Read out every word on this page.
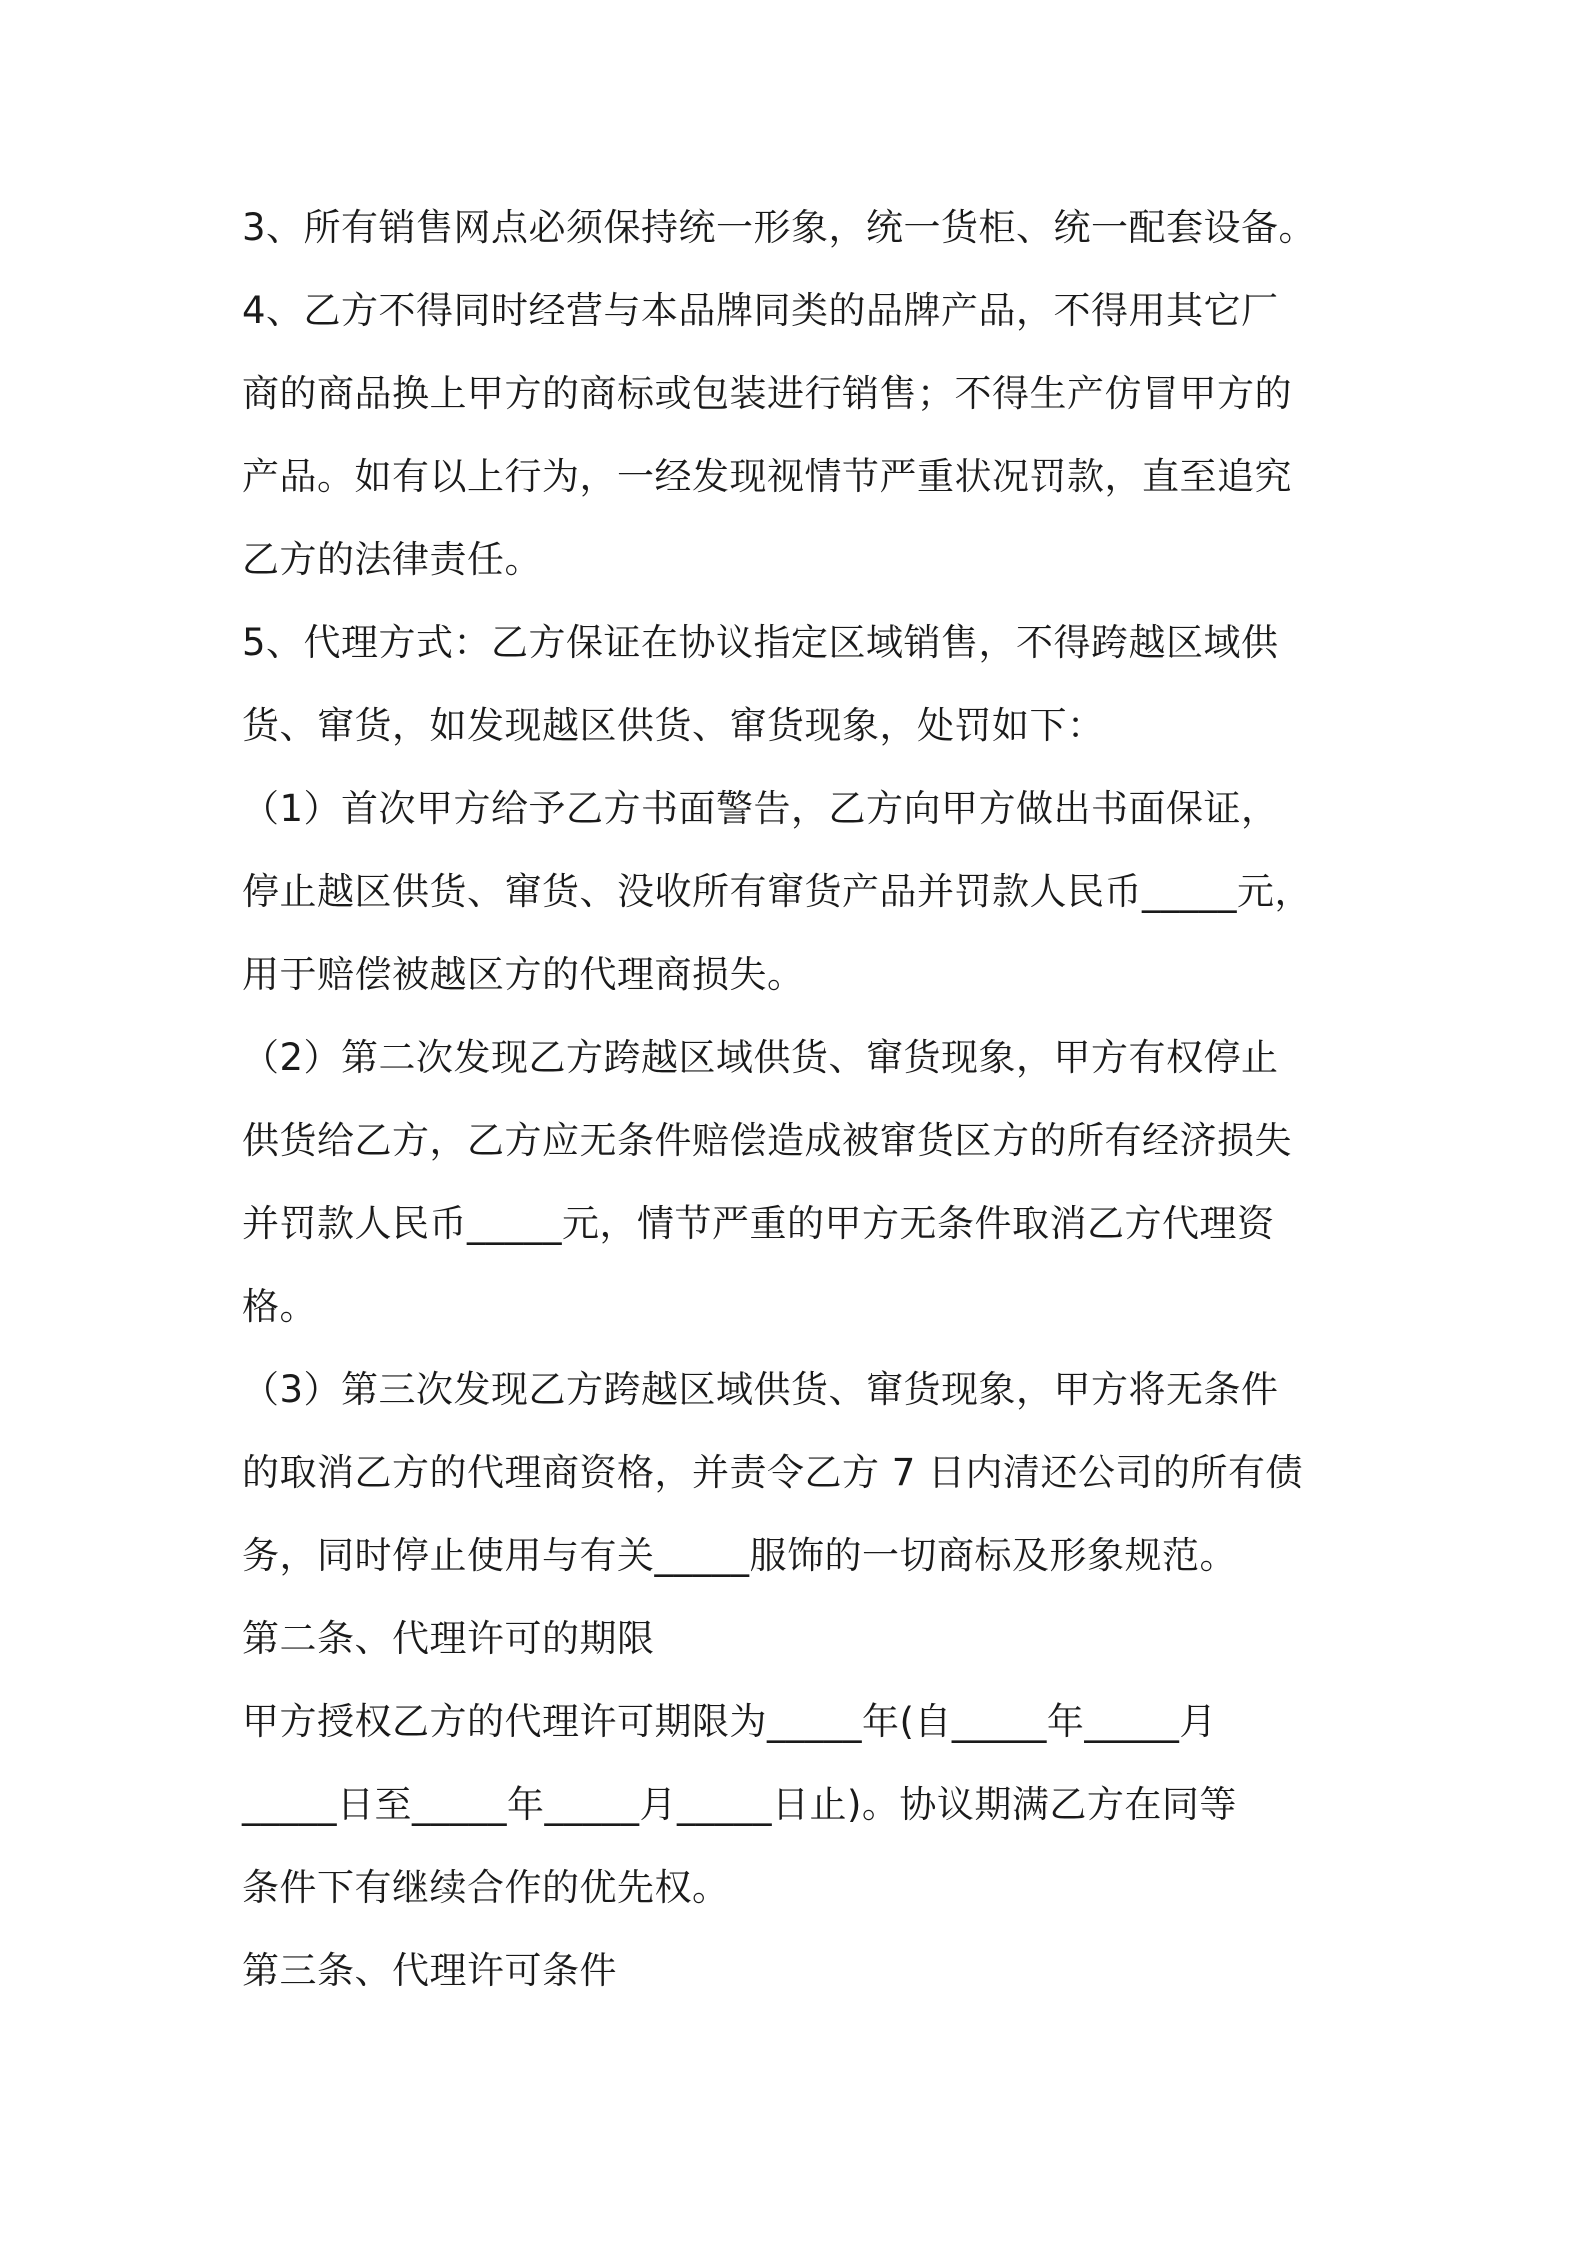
3、所有销售网点必须保持统一形象，统一货柜、统一配套设备。
4、乙方不得同时经营与本品牌同类的品牌产品，不得用其它厂
商的商品换上甲方的商标或包装进行销售；不得生产仿冒甲方的
产品。如有以上行为，一经发现视情节严重状况罚款，直至追究
乙方的法律责任。
5、代理方式：乙方保证在协议指定区域销售，不得跨越区域供
货、窜货，如发现越区供货、窜货现象，处罚如下：
（1）首次甲方给予乙方书面警告，乙方向甲方做出书面保证，
停止越区供货、窜货、没收所有窜货产品并罚款人民币_____元，
用于赔偿被越区方的代理商损失。
（2）第二次发现乙方跨越区域供货、窜货现象，甲方有权停止
供货给乙方，乙方应无条件赔偿造成被窜货区方的所有经济损失
并罚款人民币_____元，情节严重的甲方无条件取消乙方代理资
格。
（3）第三次发现乙方跨越区域供货、窜货现象，甲方将无条件
的取消乙方的代理商资格，并责令乙方 7 日内清还公司的所有债
务，同时停止使用与有关_____服饰的一切商标及形象规范。
第二条、代理许可的期限
甲方授权乙方的代理许可期限为_____年(自_____年_____月
_____日至_____年_____月_____日止)。协议期满乙方在同等
条件下有继续合作的优先权。
第三条、代理许可条件
